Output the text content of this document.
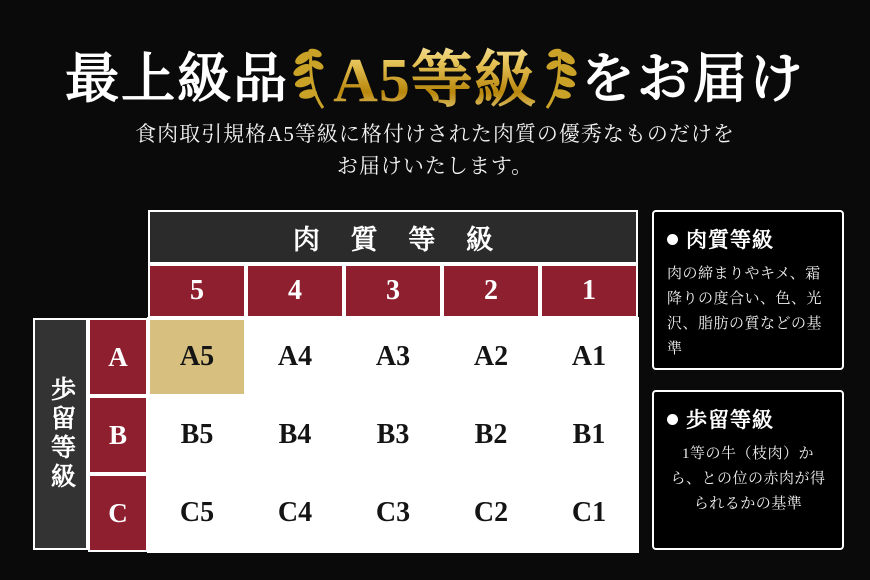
最上級品 A5等級 をお届け
食肉取引規格A5等級に格付けされた肉質の優秀なものだけを
お届けいたします。
肉 質 等 級
5	4	3	2	1
歩留等級
A	A5	A4	A3	A2	A1
B	B5	B4	B3	B2	B1
C	C5	C4	C3	C2	C1
肉質等級
肉の締まりやキメ、霜降りの度合い、色、光沢、脂肪の質などの基準
歩留等級
1等の牛（枝肉）から、との位の赤肉が得られるかの基準
